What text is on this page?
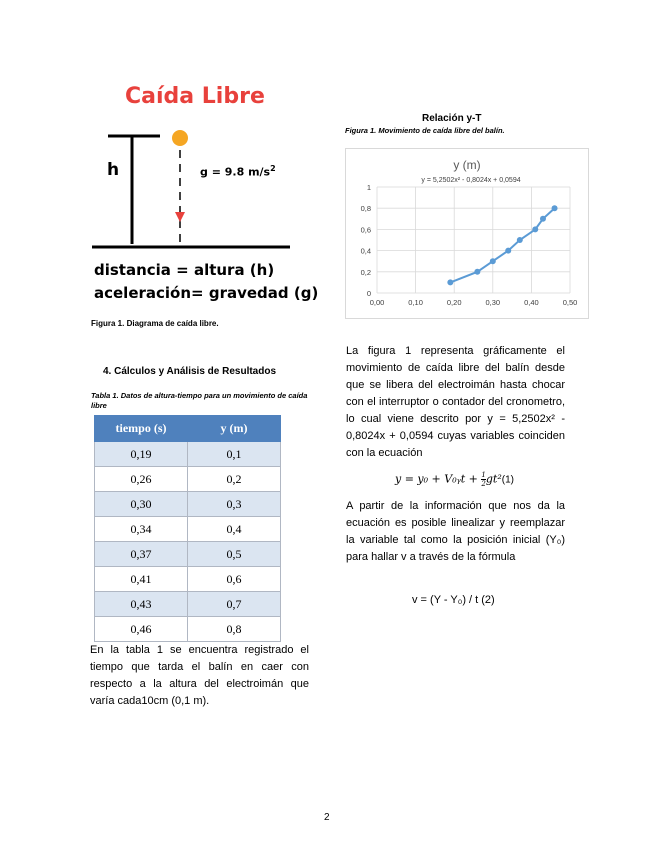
Caída Libre
h	g = 9.8 $m/s^2$
distancia = altura (h)
aceleración= gravedad (g)
Figura 1. Diagrama de caída libre.
4. Cálculos y Análisis de Resultados
Tabla 1. Datos de altura-tiempo para un movimiento de caída libre
tiempo (s)	y (m)
0,19	0,1
0,26	0,2
0,30	0,3
0,34	0,4
0,37	0,5
0,41	0,6
0,43	0,7
0,46	0,8
En la tabla 1 se encuentra registrado el tiempo que tarda el balín en caer con respecto a la altura del electroimán que varía cada10cm (0,1 m).
Relación y-T
Figura 1. Movimiento de caída libre del balín.
y (m)
y = 5,2502x² - 0,8024x + 0,0594
0,00	0,10	0,20	0,30	0,40	0,50
0
0,2
0,4
0,6
0,8
1
La figura 1 representa gráficamente el movimiento de caída libre del balín desde que se libera del electroimán hasta chocar con el interruptor o contador del cronometro, lo cual viene descrito por y = 5,2502x² - 0,8024x + 0,0594 cuyas variables coinciden con la ecuación
y = y₀ + V₀ᵧt + $\frac{1}{2} gt^2(1)$
A partir de la información que nos da la ecuación es posible linealizar y reemplazar la variable tal como la posición inicial (Y₀) para hallar v a través de la fórmula
v = (Y - Y₀) / t (2)
2
